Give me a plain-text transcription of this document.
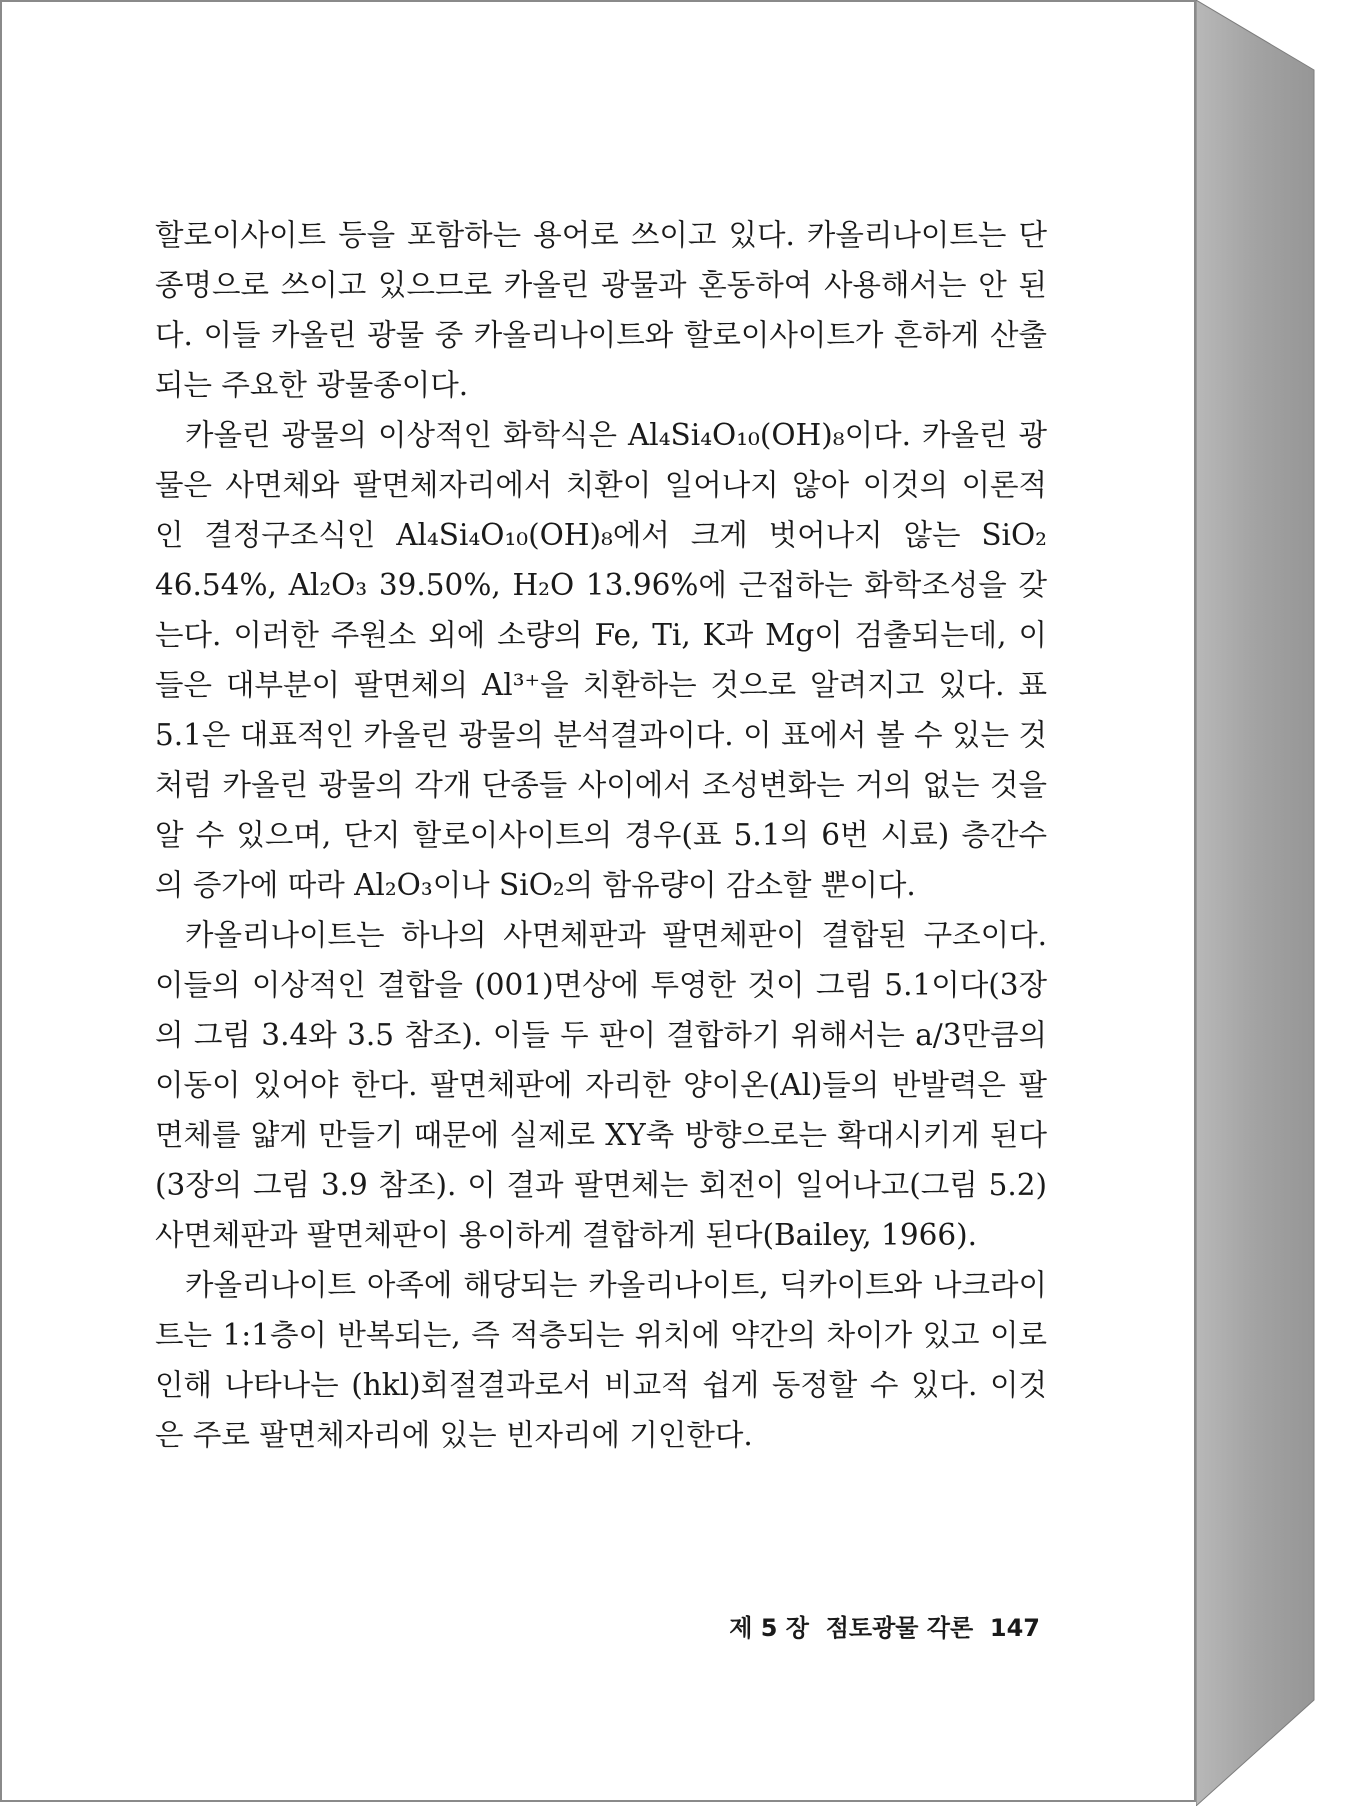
할로이사이트 등을 포함하는 용어로 쓰이고 있다. 카올리나이트는 단종명으로 쓰이고 있으므로 카올린 광물과 혼동하여 사용해서는 안 된다. 이들 카올린 광물 중 카올리나이트와 할로이사이트가 흔하게 산출되는 주요한 광물종이다.

카올린 광물의 이상적인 화학식은 Al₄Si₄O₁₀(OH)₈이다. 카올린 광물은 사면체와 팔면체자리에서 치환이 일어나지 않아 이것의 이론적인 결정구조식인 Al₄Si₄O₁₀(OH)₈에서 크게 벗어나지 않는 SiO₂ 46.54%, Al₂O₃ 39.50%, H₂O 13.96%에 근접하는 화학조성을 갖는다. 이러한 주원소 외에 소량의 Fe, Ti, K과 Mg이 검출되는데, 이들은 대부분이 팔면체의 Al³⁺을 치환하는 것으로 알려지고 있다. 표 5.1은 대표적인 카올린 광물의 분석결과이다. 이 표에서 볼 수 있는 것처럼 카올린 광물의 각개 단종들 사이에서 조성변화는 거의 없는 것을 알 수 있으며, 단지 할로이사이트의 경우(표 5.1의 6번 시료) 층간수의 증가에 따라 Al₂O₃이나 SiO₂의 함유량이 감소할 뿐이다.

카올리나이트는 하나의 사면체판과 팔면체판이 결합된 구조이다. 이들의 이상적인 결합을 (001)면상에 투영한 것이 그림 5.1이다(3장의 그림 3.4와 3.5 참조). 이들 두 판이 결합하기 위해서는 a/3만큼의 이동이 있어야 한다. 팔면체판에 자리한 양이온(Al)들의 반발력은 팔면체를 얇게 만들기 때문에 실제로 XY축 방향으로는 확대시키게 된다(3장의 그림 3.9 참조). 이 결과 팔면체는 회전이 일어나고(그림 5.2) 사면체판과 팔면체판이 용이하게 결합하게 된다(Bailey, 1966).

카올리나이트 아족에 해당되는 카올리나이트, 딕카이트와 나크라이트는 1:1층이 반복되는, 즉 적층되는 위치에 약간의 차이가 있고 이로 인해 나타나는 (hkl)회절결과로서 비교적 쉽게 동정할 수 있다. 이것은 주로 팔면체자리에 있는 빈자리에 기인한다.

제 5 장 점토광물 각론 147
